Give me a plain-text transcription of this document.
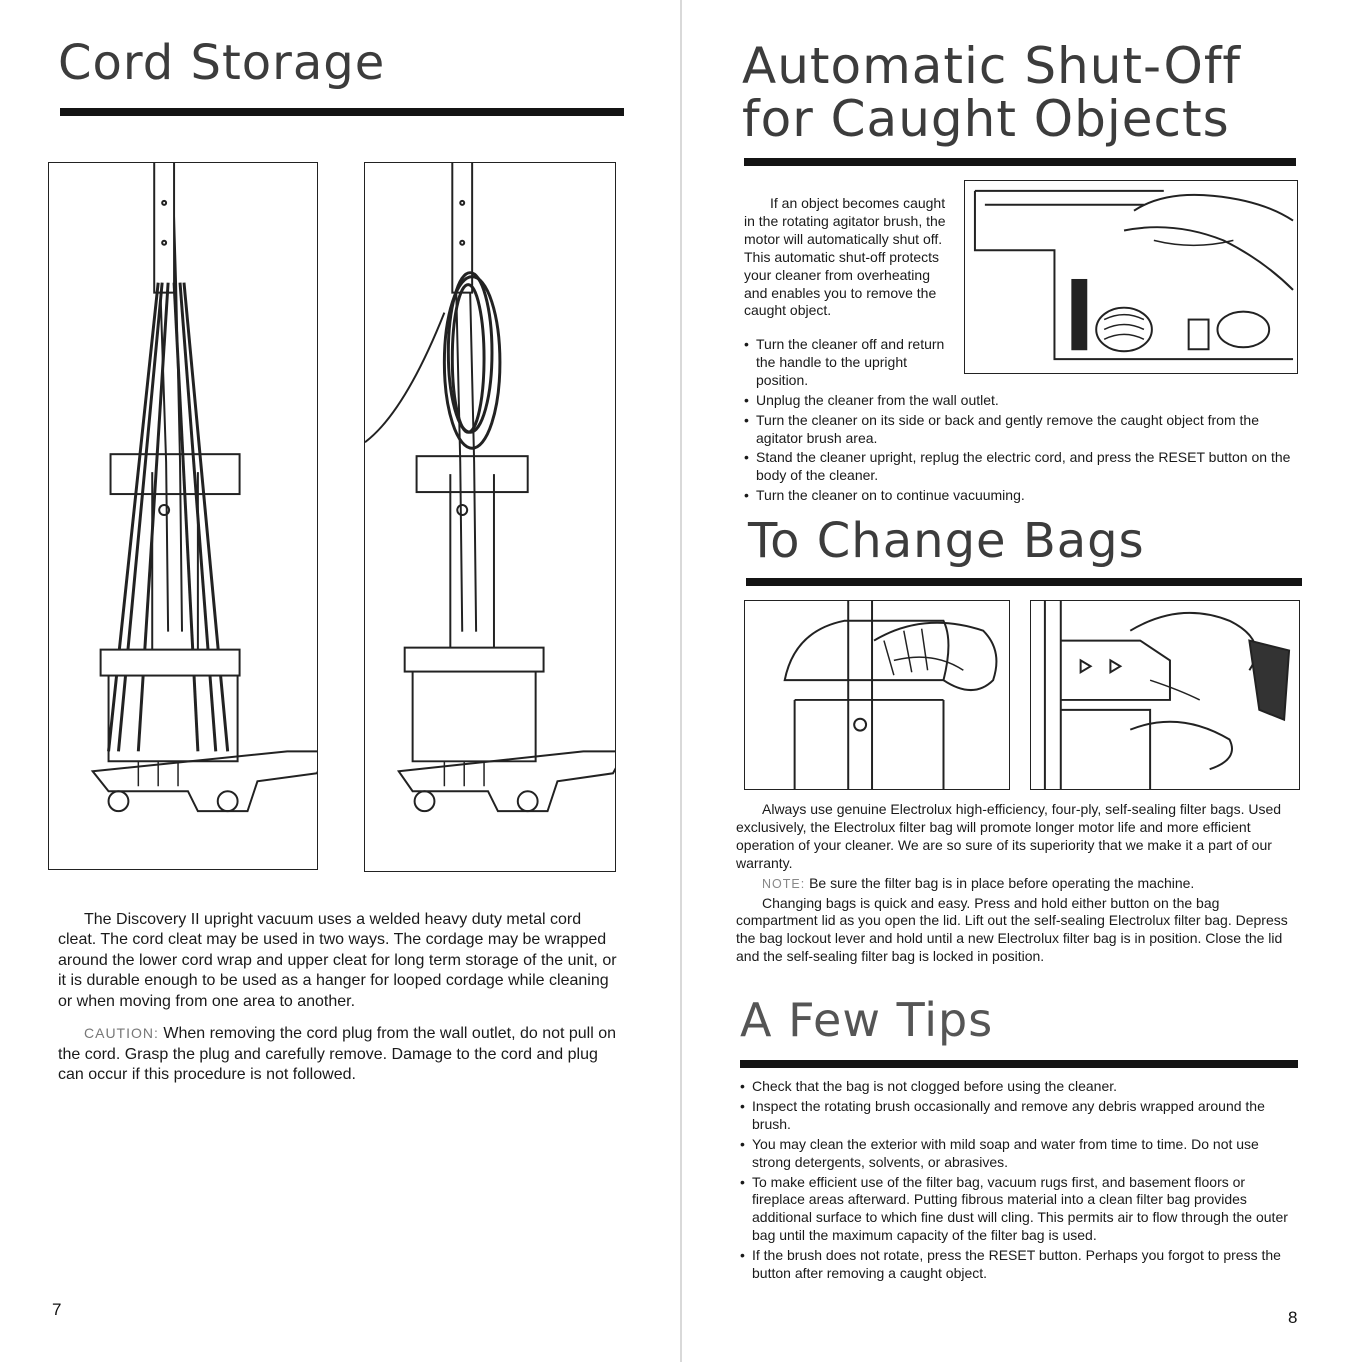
Cord Storage

The Discovery II upright vacuum uses a welded heavy duty metal cord cleat. The cord cleat may be used in two ways. The cordage may be wrapped around the lower cord wrap and upper cleat for long term storage of the unit, or it is durable enough to be used as a hanger for looped cordage while cleaning or when moving from one area to another.

CAUTION: When removing the cord plug from the wall outlet, do not pull on the cord. Grasp the plug and carefully remove. Damage to the cord and plug can occur if this procedure is not followed.

7
Automatic Shut-Off
for Caught Objects

If an object becomes caught in the rotating agitator brush, the motor will automatically shut off. This automatic shut-off protects your cleaner from overheating and enables you to remove the caught object.

• Turn the cleaner off and return the handle to the upright position.
• Unplug the cleaner from the wall outlet.
• Turn the cleaner on its side or back and gently remove the caught object from the agitator brush area.
• Stand the cleaner upright, replug the electric cord, and press the RESET button on the body of the cleaner.
• Turn the cleaner on to continue vacuuming.
To Change Bags

Always use genuine Electrolux high-efficiency, four-ply, self-sealing filter bags. Used exclusively, the Electrolux filter bag will promote longer motor life and more efficient operation of your cleaner. We are so sure of its superiority that we make it a part of our warranty.

NOTE: Be sure the filter bag is in place before operating the machine.

Changing bags is quick and easy. Press and hold either button on the bag compartment lid as you open the lid. Lift out the self-sealing Electrolux filter bag. Depress the bag lockout lever and hold until a new Electrolux filter bag is in position. Close the lid and the self-sealing filter bag is locked in position.

A Few Tips
• Check that the bag is not clogged before using the cleaner.
• Inspect the rotating brush occasionally and remove any debris wrapped around the brush.
• You may clean the exterior with mild soap and water from time to time. Do not use strong detergents, solvents, or abrasives.
• To make efficient use of the filter bag, vacuum rugs first, and basement floors or fireplace areas afterward. Putting fibrous material into a clean filter bag provides additional surface to which fine dust will cling. This permits air to flow through the outer bag until the maximum capacity of the filter bag is used.
• If the brush does not rotate, press the RESET button. Perhaps you forgot to press the button after removing a caught object.
8
